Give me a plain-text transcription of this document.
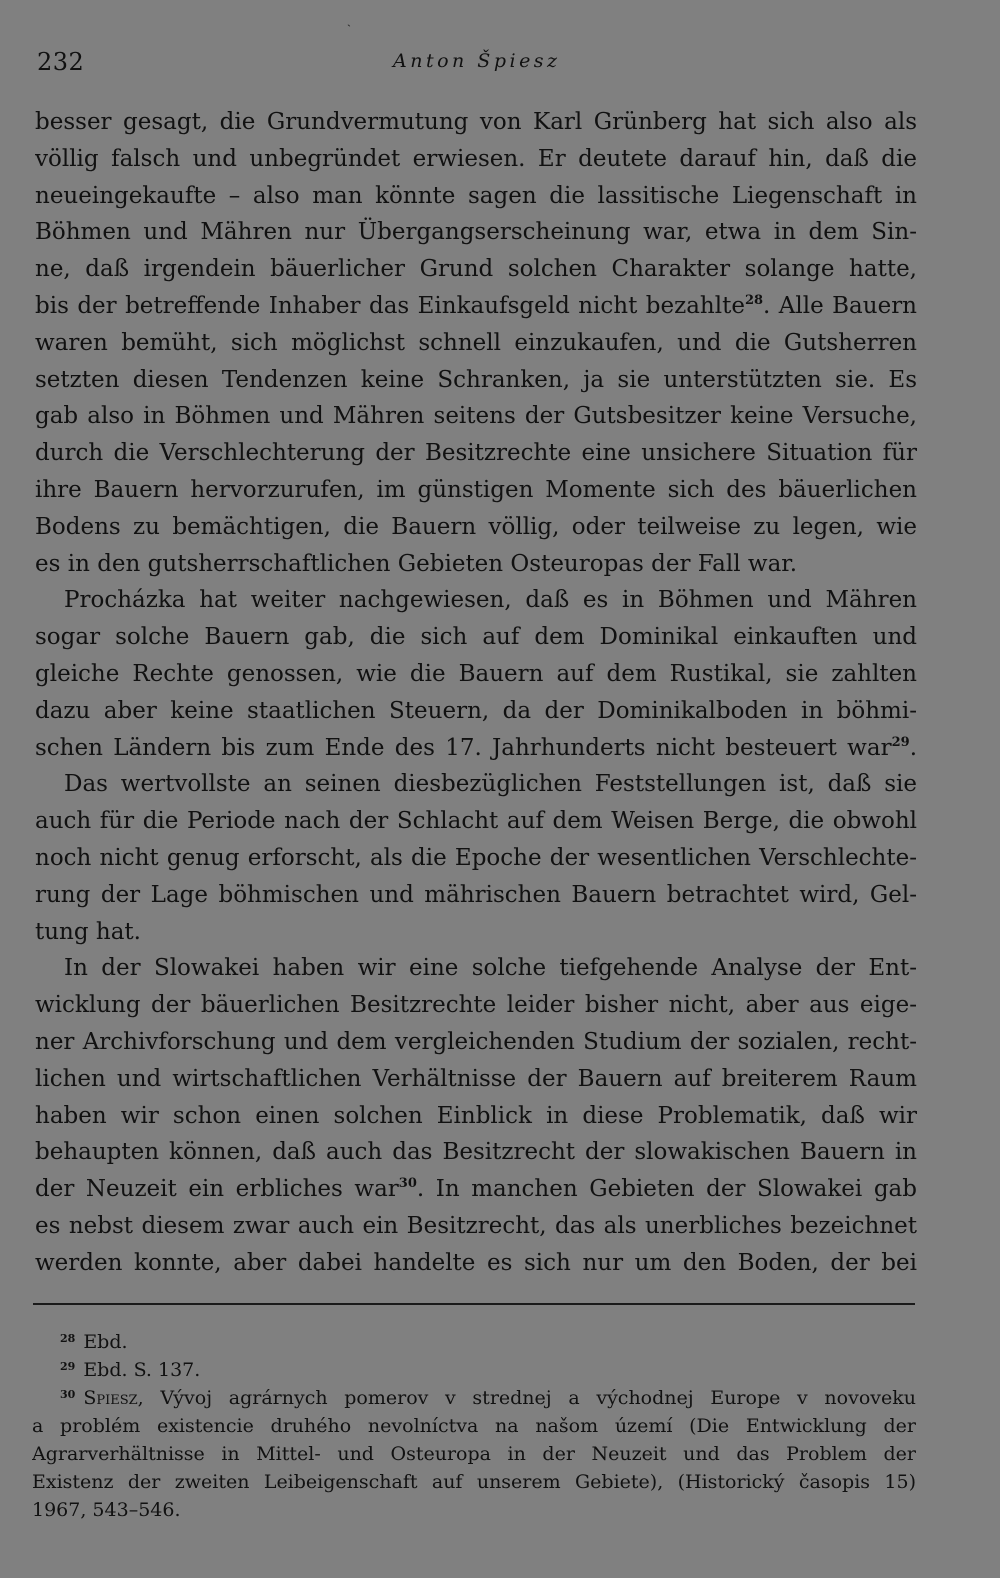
ˎ
232	Anton Špiesz
besser gesagt, die Grundvermutung von Karl Grünberg hat sich also als
völlig falsch und unbegründet erwiesen. Er deutete darauf hin, daß die
neueingekaufte – also man könnte sagen die lassitische Liegenschaft in
Böhmen und Mähren nur Übergangserscheinung war, etwa in dem Sin-
ne, daß irgendein bäuerlicher Grund solchen Charakter solange hatte,
bis der betreffende Inhaber das Einkaufsgeld nicht bezahlte$^{28}$. Alle Bauern
waren bemüht, sich möglichst schnell einzukaufen, und die Gutsherren
setzten diesen Tendenzen keine Schranken, ja sie unterstützten sie. Es
gab also in Böhmen und Mähren seitens der Gutsbesitzer keine Versuche,
durch die Verschlechterung der Besitzrechte eine unsichere Situation für
ihre Bauern hervorzurufen, im günstigen Momente sich des bäuerlichen
Bodens zu bemächtigen, die Bauern völlig, oder teilweise zu legen, wie
es in den gutsherrschaftlichen Gebieten Osteuropas der Fall war.
Procházka hat weiter nachgewiesen, daß es in Böhmen und Mähren
sogar solche Bauern gab, die sich auf dem Dominikal einkauften und
gleiche Rechte genossen, wie die Bauern auf dem Rustikal, sie zahlten
dazu aber keine staatlichen Steuern, da der Dominikalboden in böhmi-
schen Ländern bis zum Ende des 17. Jahrhunderts nicht besteuert war$^{29}$.
Das wertvollste an seinen diesbezüglichen Feststellungen ist, daß sie
auch für die Periode nach der Schlacht auf dem Weisen Berge, die obwohl
noch nicht genug erforscht, als die Epoche der wesentlichen Verschlechte-
rung der Lage böhmischen und mährischen Bauern betrachtet wird, Gel-
tung hat.
In der Slowakei haben wir eine solche tiefgehende Analyse der Ent-
wicklung der bäuerlichen Besitzrechte leider bisher nicht, aber aus eige-
ner Archivforschung und dem vergleichenden Studium der sozialen, recht-
lichen und wirtschaftlichen Verhältnisse der Bauern auf breiterem Raum
haben wir schon einen solchen Einblick in diese Problematik, daß wir
behaupten können, daß auch das Besitzrecht der slowakischen Bauern in
der Neuzeit ein erbliches war$^{30}$. In manchen Gebieten der Slowakei gab
es nebst diesem zwar auch ein Besitzrecht, das als unerbliches bezeichnet
werden konnte, aber dabei handelte es sich nur um den Boden, der bei
$^{28}$ Ebd.
$^{29}$ Ebd. S. 137.
$^{30}$ Spiesz, Vývoj agrárnych pomerov v strednej a východnej Europe v novoveku
a problém existencie druhého nevolníctva na našom území (Die Entwicklung der
Agrarverhältnisse in Mittel- und Osteuropa in der Neuzeit und das Problem der
Existenz der zweiten Leibeigenschaft auf unserem Gebiete), (Historický časopis 15)
1967, 543–546.
